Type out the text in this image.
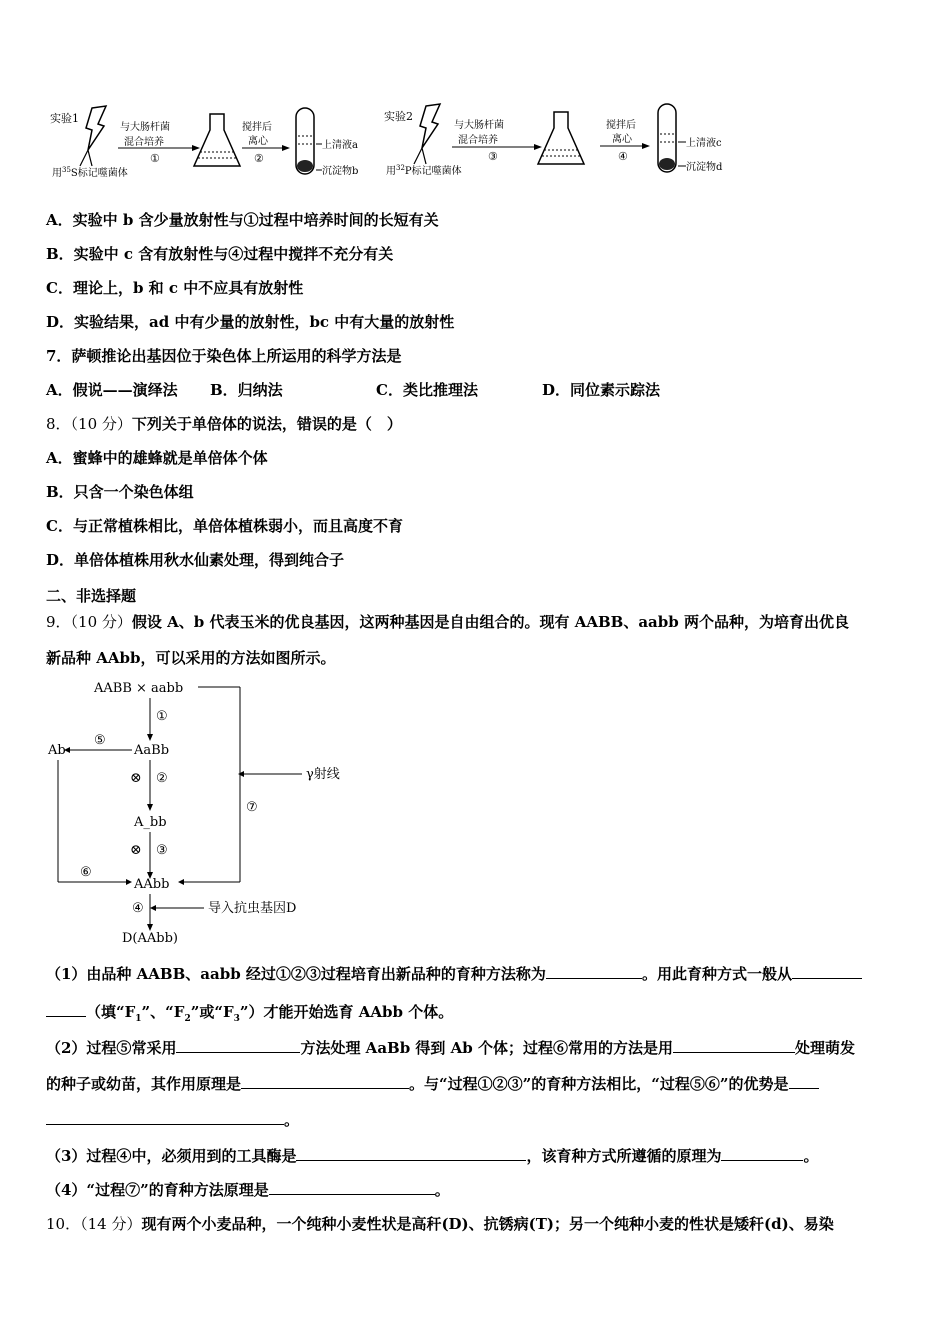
实验1
用$^{35}$S标记噬菌体
与大肠杆菌
混合培养
①
搅拌后
离心
②
上清液a
沉淀物b
实验2
用$^{32}$P标记噬菌体
与大肠杆菌
混合培养
③
搅拌后
离心
④
上清液c
沉淀物d
A．实验中 b 含少量放射性与①过程中培养时间的长短有关
B．实验中 c 含有放射性与④过程中搅拌不充分有关
C．理论上，b 和 c 中不应具有放射性
D．实验结果，ad 中有少量的放射性，bc 中有大量的放射性
7．萨顿推论出基因位于染色体上所运用的科学方法是
A．假说——演绎法 B．归纳法	C．类比推理法	D．同位素示踪法
8．（10 分）下列关于单倍体的说法，错误的是（　）
A．蜜蜂中的雄蜂就是单倍体个体
B．只含一个染色体组
C．与正常植株相比，单倍体植株弱小，而且高度不育
D．单倍体植株用秋水仙素处理，得到纯合子
二、非选择题
9．（10 分）假设 A、b 代表玉米的优良基因，这两种基因是自由组合的。现有 AABB、aabb 两个品种，为培育出优良
新品种 AAbb，可以采用的方法如图所示。
AABB × aabb
γ射线
⑦
①
AaBb
⑤
Ab
⑥
⊗ ②
A_bb
⊗ ③
AAbb
④	导入抗虫基因D
D(AAbb)
（1）由品种 AABB、aabb 经过①②③过程培育出新品种的育种方法称为	。用此育种方式一般从
（填“$F_1$”、“$F_2$”或“$F_3$”）才能开始选育 AAbb 个体。
（2）过程⑤常采用	方法处理 AaBb 得到 Ab 个体；过程⑥常用的方法是用	处理萌发
的种子或幼苗，其作用原理是	。与“过程①②③”的育种方法相比，“过程⑤⑥”的优势是
。
（3）过程④中，必须用到的工具酶是	，该育种方式所遵循的原理为	。
（4）“过程⑦”的育种方法原理是	。
10．（14 分）现有两个小麦品种，一个纯种小麦性状是高秆(D)、抗锈病(T)；另一个纯种小麦的性状是矮秆(d)、易染
